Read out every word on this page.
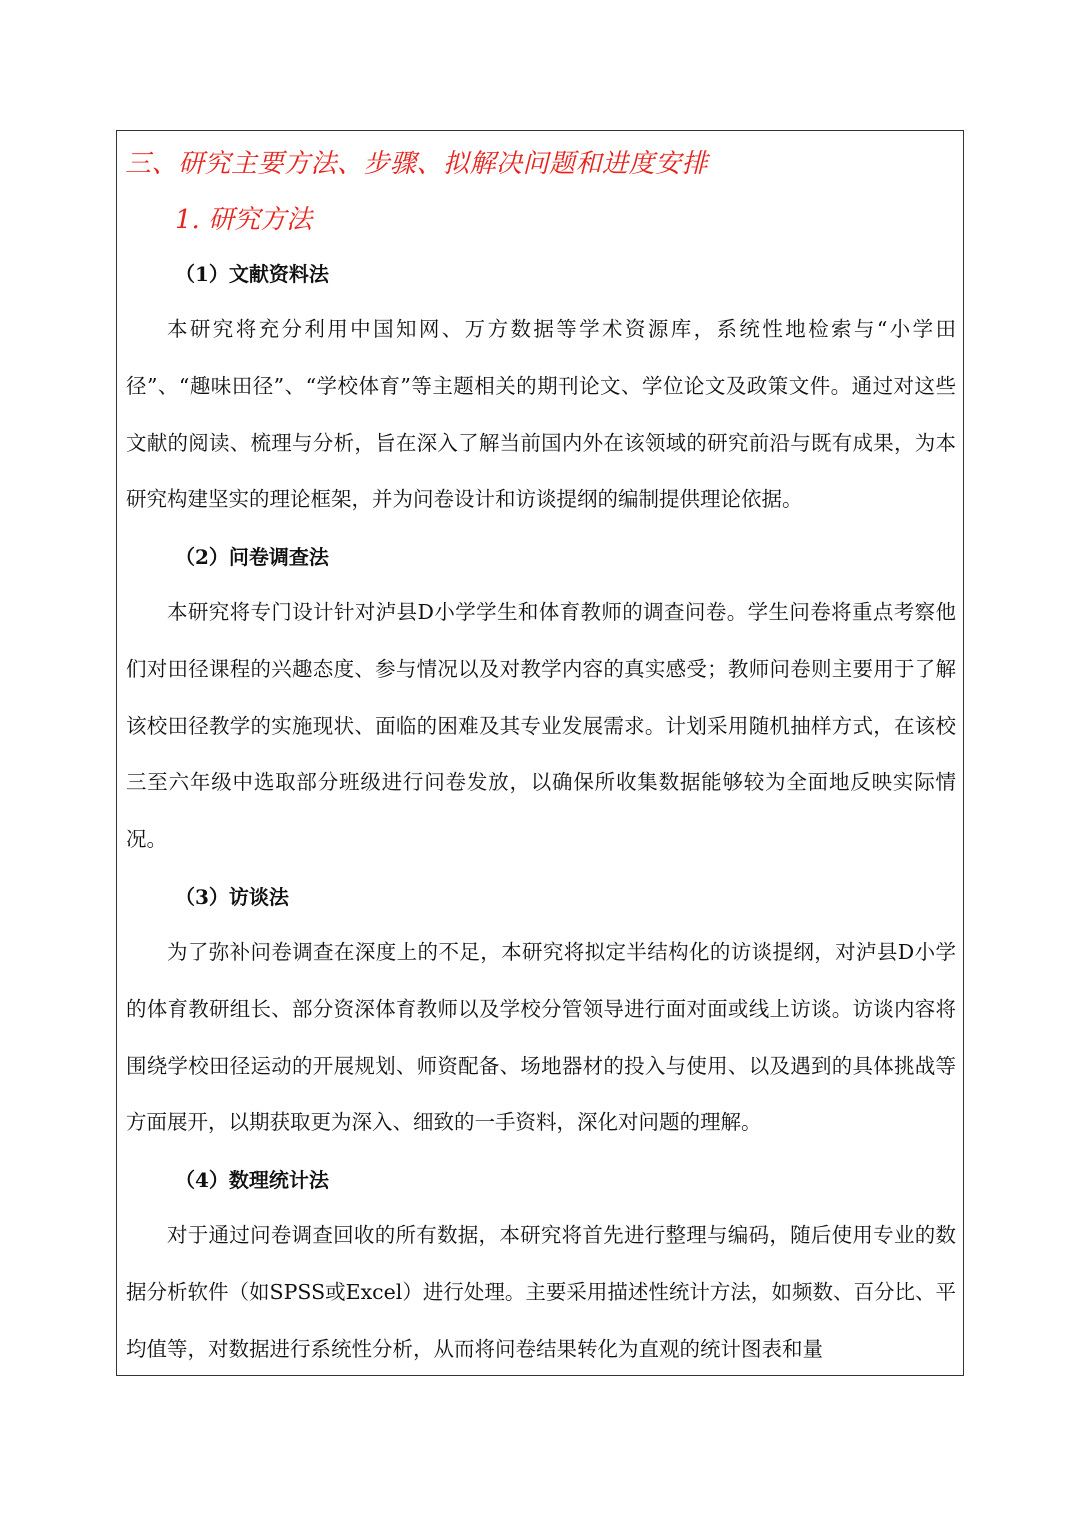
三、研究主要方法、步骤、拟解决问题和进度安排
1. 研究方法
（1）文献资料法

本研究将充分利用中国知网、万方数据等学术资源库，系统性地检索与“小学田径”、“趣味田径”、“学校体育”等主题相关的期刊论文、学位论文及政策文件。通过对这些文献的阅读、梳理与分析，旨在深入了解当前国内外在该领域的研究前沿与既有成果，为本研究构建坚实的理论框架，并为问卷设计和访谈提纲的编制提供理论依据。

（2）问卷调查法

本研究将专门设计针对泸县D小学学生和体育教师的调查问卷。学生问卷将重点考察他们对田径课程的兴趣态度、参与情况以及对教学内容的真实感受；教师问卷则主要用于了解该校田径教学的实施现状、面临的困难及其专业发展需求。计划采用随机抽样方式，在该校三至六年级中选取部分班级进行问卷发放，以确保所收集数据能够较为全面地反映实际情况。

（3）访谈法

为了弥补问卷调查在深度上的不足，本研究将拟定半结构化的访谈提纲，对泸县D小学的体育教研组长、部分资深体育教师以及学校分管领导进行面对面或线上访谈。访谈内容将围绕学校田径运动的开展规划、师资配备、场地器材的投入与使用、以及遇到的具体挑战等方面展开，以期获取更为深入、细致的一手资料，深化对问题的理解。

（4）数理统计法

对于通过问卷调查回收的所有数据，本研究将首先进行整理与编码，随后使用专业的数据分析软件（如SPSS或Excel）进行处理。主要采用描述性统计方法，如频数、百分比、平均值等，对数据进行系统性分析，从而将问卷结果转化为直观的统计图表和量
